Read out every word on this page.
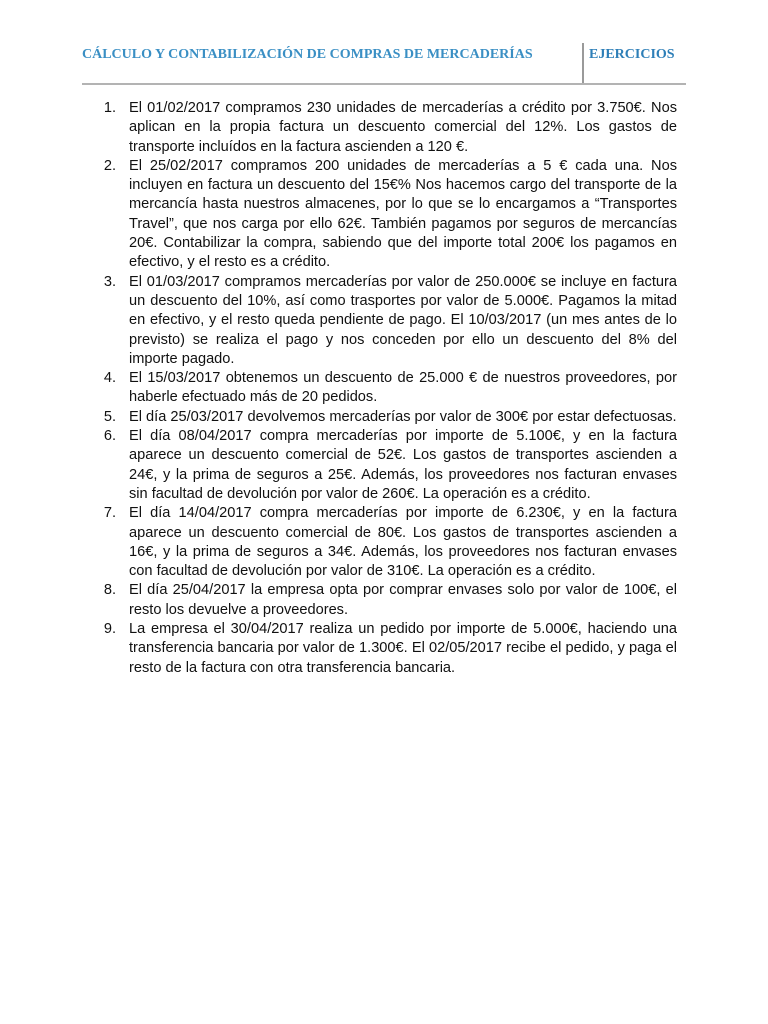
CÁLCULO Y CONTABILIZACIÓN DE COMPRAS DE MERCADERÍAS	EJERCICIOS
1. El 01/02/2017 compramos 230 unidades de mercaderías a crédito por 3.750€. Nos aplican en la propia factura un descuento comercial del 12%. Los gastos de transporte incluídos en la factura ascienden a 120 €.
2. El 25/02/2017 compramos 200 unidades de mercaderías a 5 € cada una. Nos incluyen en factura un descuento del 15€% Nos hacemos cargo del transporte de la mercancía hasta nuestros almacenes, por lo que se lo encargamos a “Transportes Travel”, que nos carga por ello 62€. También pagamos por seguros de mercancías 20€. Contabilizar la compra, sabiendo que del importe total 200€ los pagamos en efectivo, y el resto es a crédito.
3. El 01/03/2017 compramos mercaderías por valor de 250.000€ se incluye en factura un descuento del 10%, así como trasportes por valor de 5.000€. Pagamos la mitad en efectivo, y el resto queda pendiente de pago. El 10/03/2017 (un mes antes de lo previsto) se realiza el pago y nos conceden por ello un descuento del 8% del importe pagado.
4. El 15/03/2017 obtenemos un descuento de 25.000 € de nuestros proveedores, por haberle efectuado más de 20 pedidos.
5. El día 25/03/2017 devolvemos mercaderías por valor de 300€ por estar defectuosas.
6. El día 08/04/2017 compra mercaderías por importe de 5.100€, y en la factura aparece un descuento comercial de 52€. Los gastos de transportes ascienden a 24€, y la prima de seguros a 25€. Además, los proveedores nos facturan envases sin facultad de devolución por valor de 260€. La operación es a crédito.
7. El día 14/04/2017 compra mercaderías por importe de 6.230€, y en la factura aparece un descuento comercial de 80€. Los gastos de transportes ascienden a 16€, y la prima de seguros a 34€. Además, los proveedores nos facturan envases con facultad de devolución por valor de 310€. La operación es a crédito.
8. El día 25/04/2017 la empresa opta por comprar envases solo por valor de 100€, el resto los devuelve a proveedores.
9. La empresa el 30/04/2017 realiza un pedido por importe de 5.000€, haciendo una transferencia bancaria por valor de 1.300€. El 02/05/2017 recibe el pedido, y paga el resto de la factura con otra transferencia bancaria.
